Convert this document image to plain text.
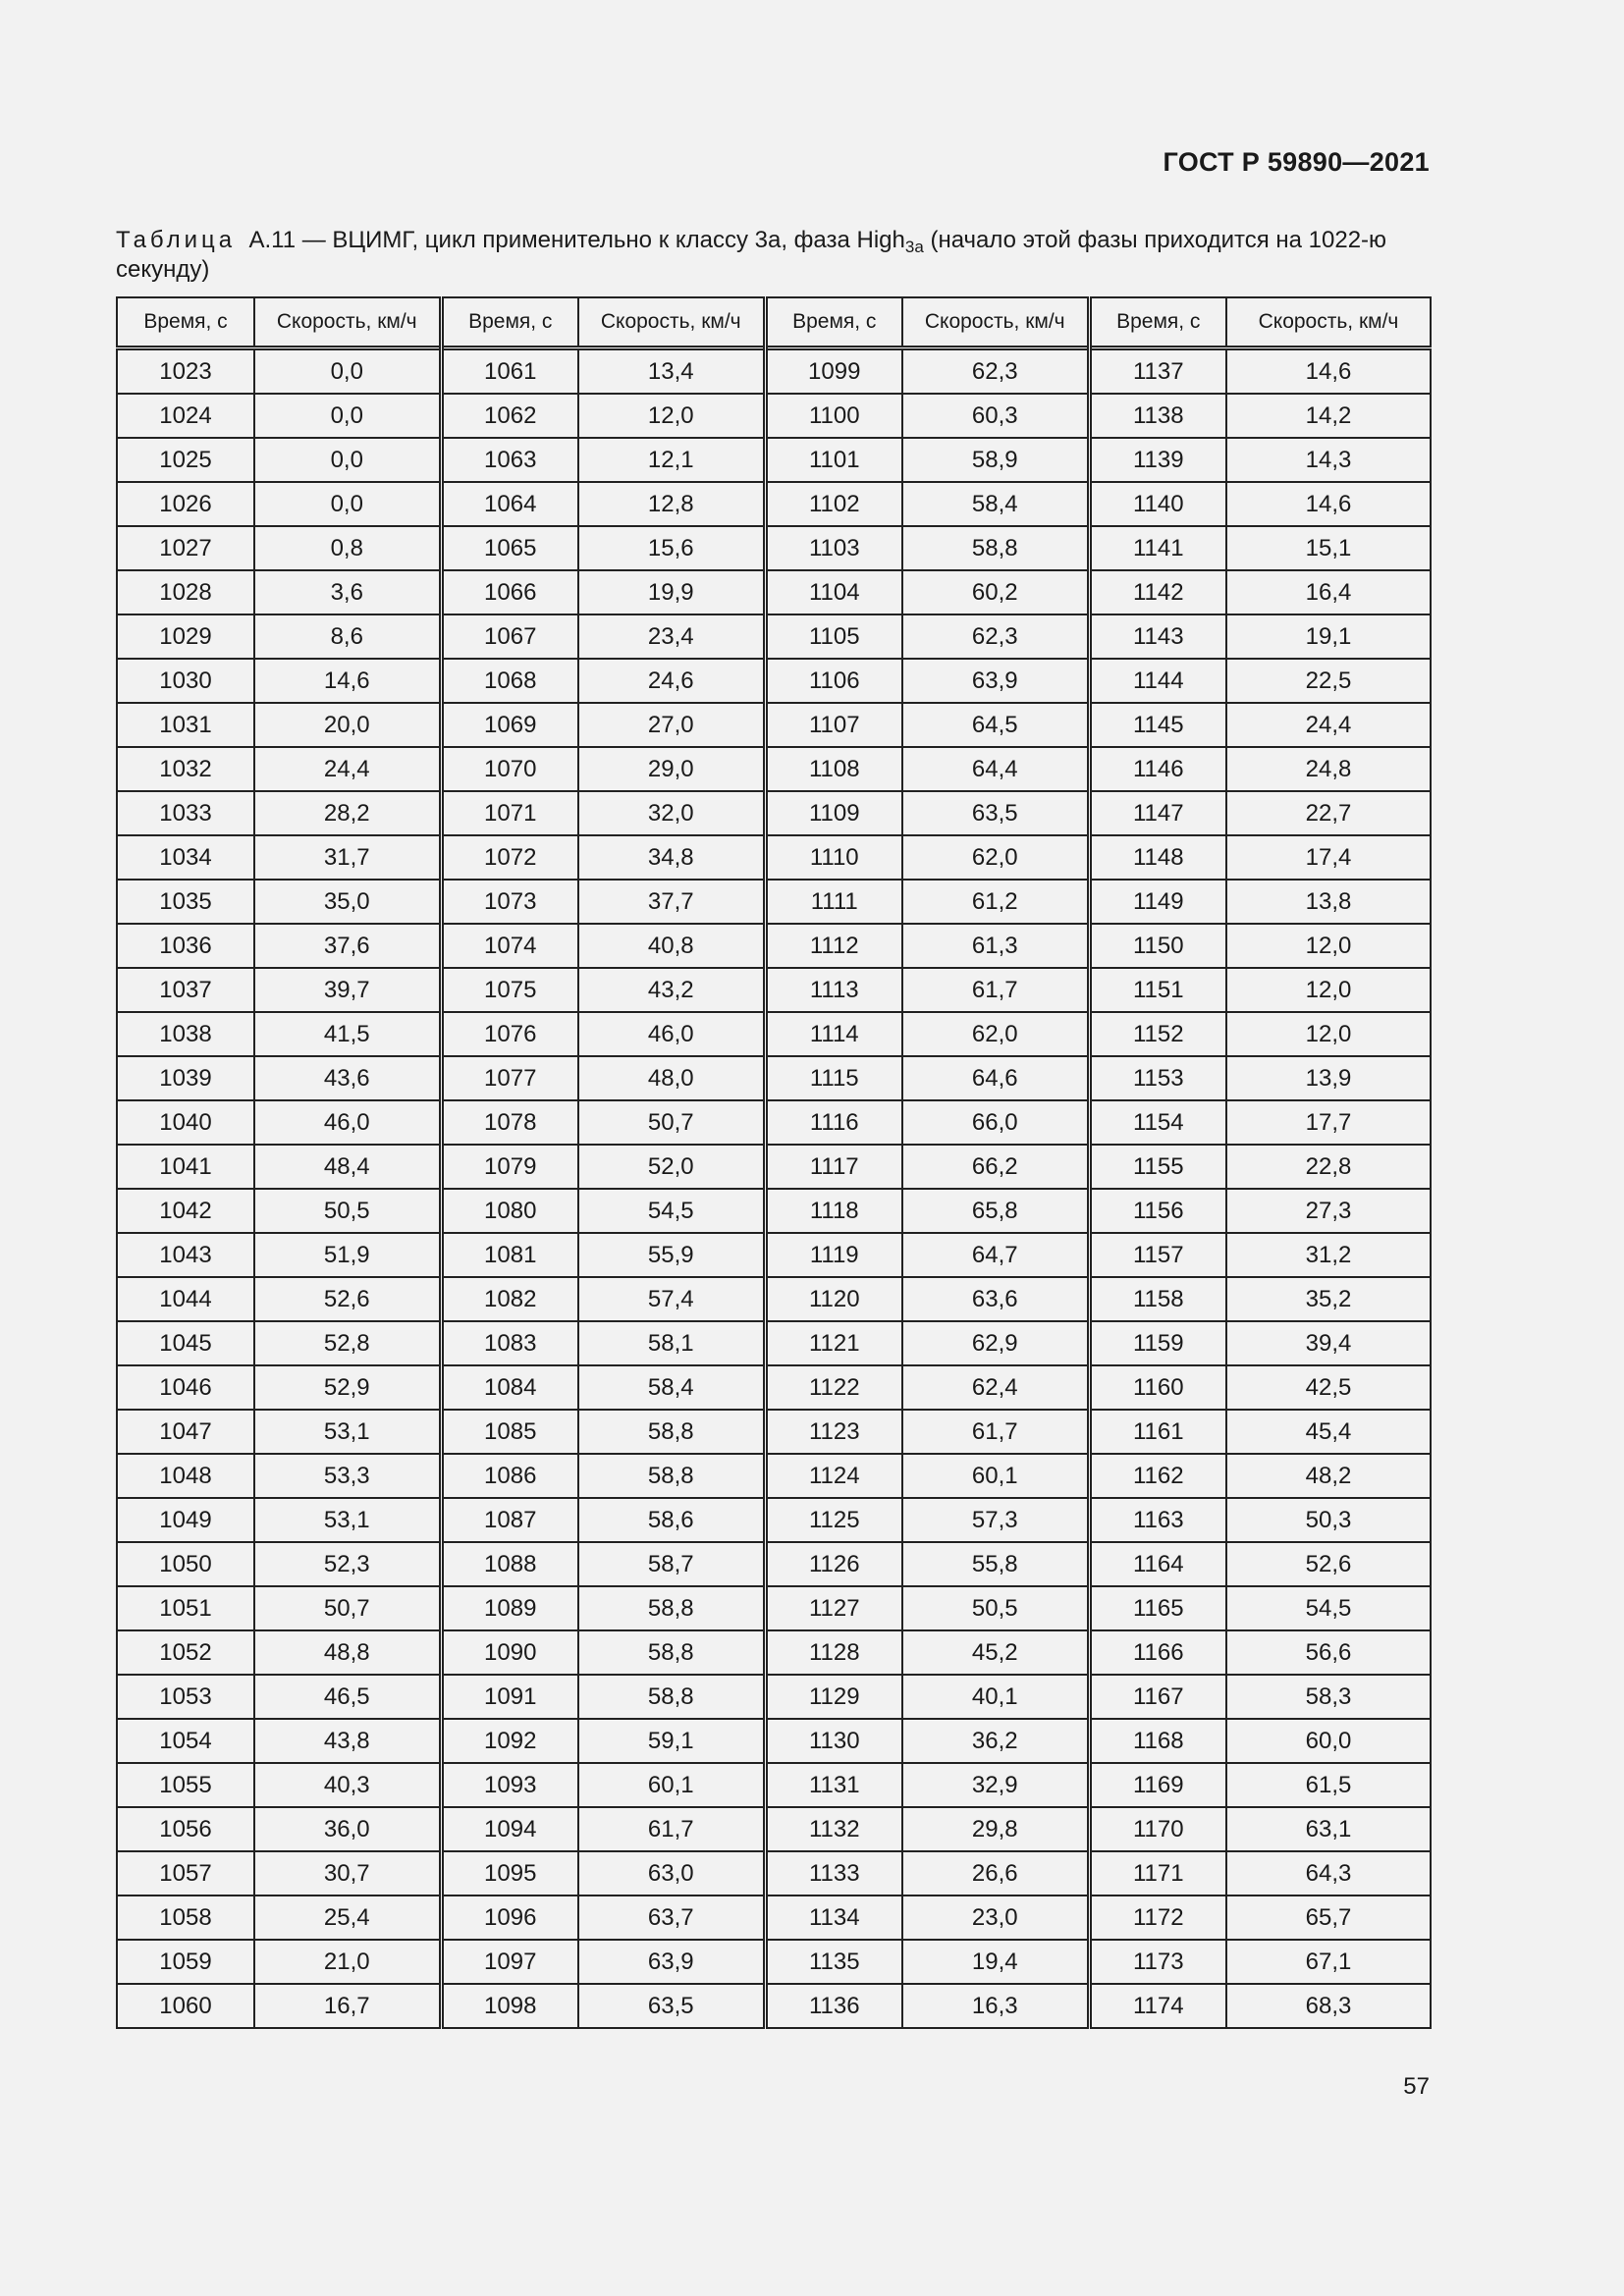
ГОСТ Р 59890—2021
Таблица А.11 — ВЦИМГ, цикл применительно к классу 3а, фаза High$_{3a}$ (начало этой фазы приходится на 1022-ю секунду)
Время, с	Скорость, км/ч	Время, с	Скорость, км/ч	Время, с	Скорость, км/ч	Время, с	Скорость, км/ч
1023	0,0	1061	13,4	1099	62,3	1137	14,6
1024	0,0	1062	12,0	1100	60,3	1138	14,2
1025	0,0	1063	12,1	1101	58,9	1139	14,3
1026	0,0	1064	12,8	1102	58,4	1140	14,6
1027	0,8	1065	15,6	1103	58,8	1141	15,1
1028	3,6	1066	19,9	1104	60,2	1142	16,4
1029	8,6	1067	23,4	1105	62,3	1143	19,1
1030	14,6	1068	24,6	1106	63,9	1144	22,5
1031	20,0	1069	27,0	1107	64,5	1145	24,4
1032	24,4	1070	29,0	1108	64,4	1146	24,8
1033	28,2	1071	32,0	1109	63,5	1147	22,7
1034	31,7	1072	34,8	1110	62,0	1148	17,4
1035	35,0	1073	37,7	1111	61,2	1149	13,8
1036	37,6	1074	40,8	1112	61,3	1150	12,0
1037	39,7	1075	43,2	1113	61,7	1151	12,0
1038	41,5	1076	46,0	1114	62,0	1152	12,0
1039	43,6	1077	48,0	1115	64,6	1153	13,9
1040	46,0	1078	50,7	1116	66,0	1154	17,7
1041	48,4	1079	52,0	1117	66,2	1155	22,8
1042	50,5	1080	54,5	1118	65,8	1156	27,3
1043	51,9	1081	55,9	1119	64,7	1157	31,2
1044	52,6	1082	57,4	1120	63,6	1158	35,2
1045	52,8	1083	58,1	1121	62,9	1159	39,4
1046	52,9	1084	58,4	1122	62,4	1160	42,5
1047	53,1	1085	58,8	1123	61,7	1161	45,4
1048	53,3	1086	58,8	1124	60,1	1162	48,2
1049	53,1	1087	58,6	1125	57,3	1163	50,3
1050	52,3	1088	58,7	1126	55,8	1164	52,6
1051	50,7	1089	58,8	1127	50,5	1165	54,5
1052	48,8	1090	58,8	1128	45,2	1166	56,6
1053	46,5	1091	58,8	1129	40,1	1167	58,3
1054	43,8	1092	59,1	1130	36,2	1168	60,0
1055	40,3	1093	60,1	1131	32,9	1169	61,5
1056	36,0	1094	61,7	1132	29,8	1170	63,1
1057	30,7	1095	63,0	1133	26,6	1171	64,3
1058	25,4	1096	63,7	1134	23,0	1172	65,7
1059	21,0	1097	63,9	1135	19,4	1173	67,1
1060	16,7	1098	63,5	1136	16,3	1174	68,3
57
